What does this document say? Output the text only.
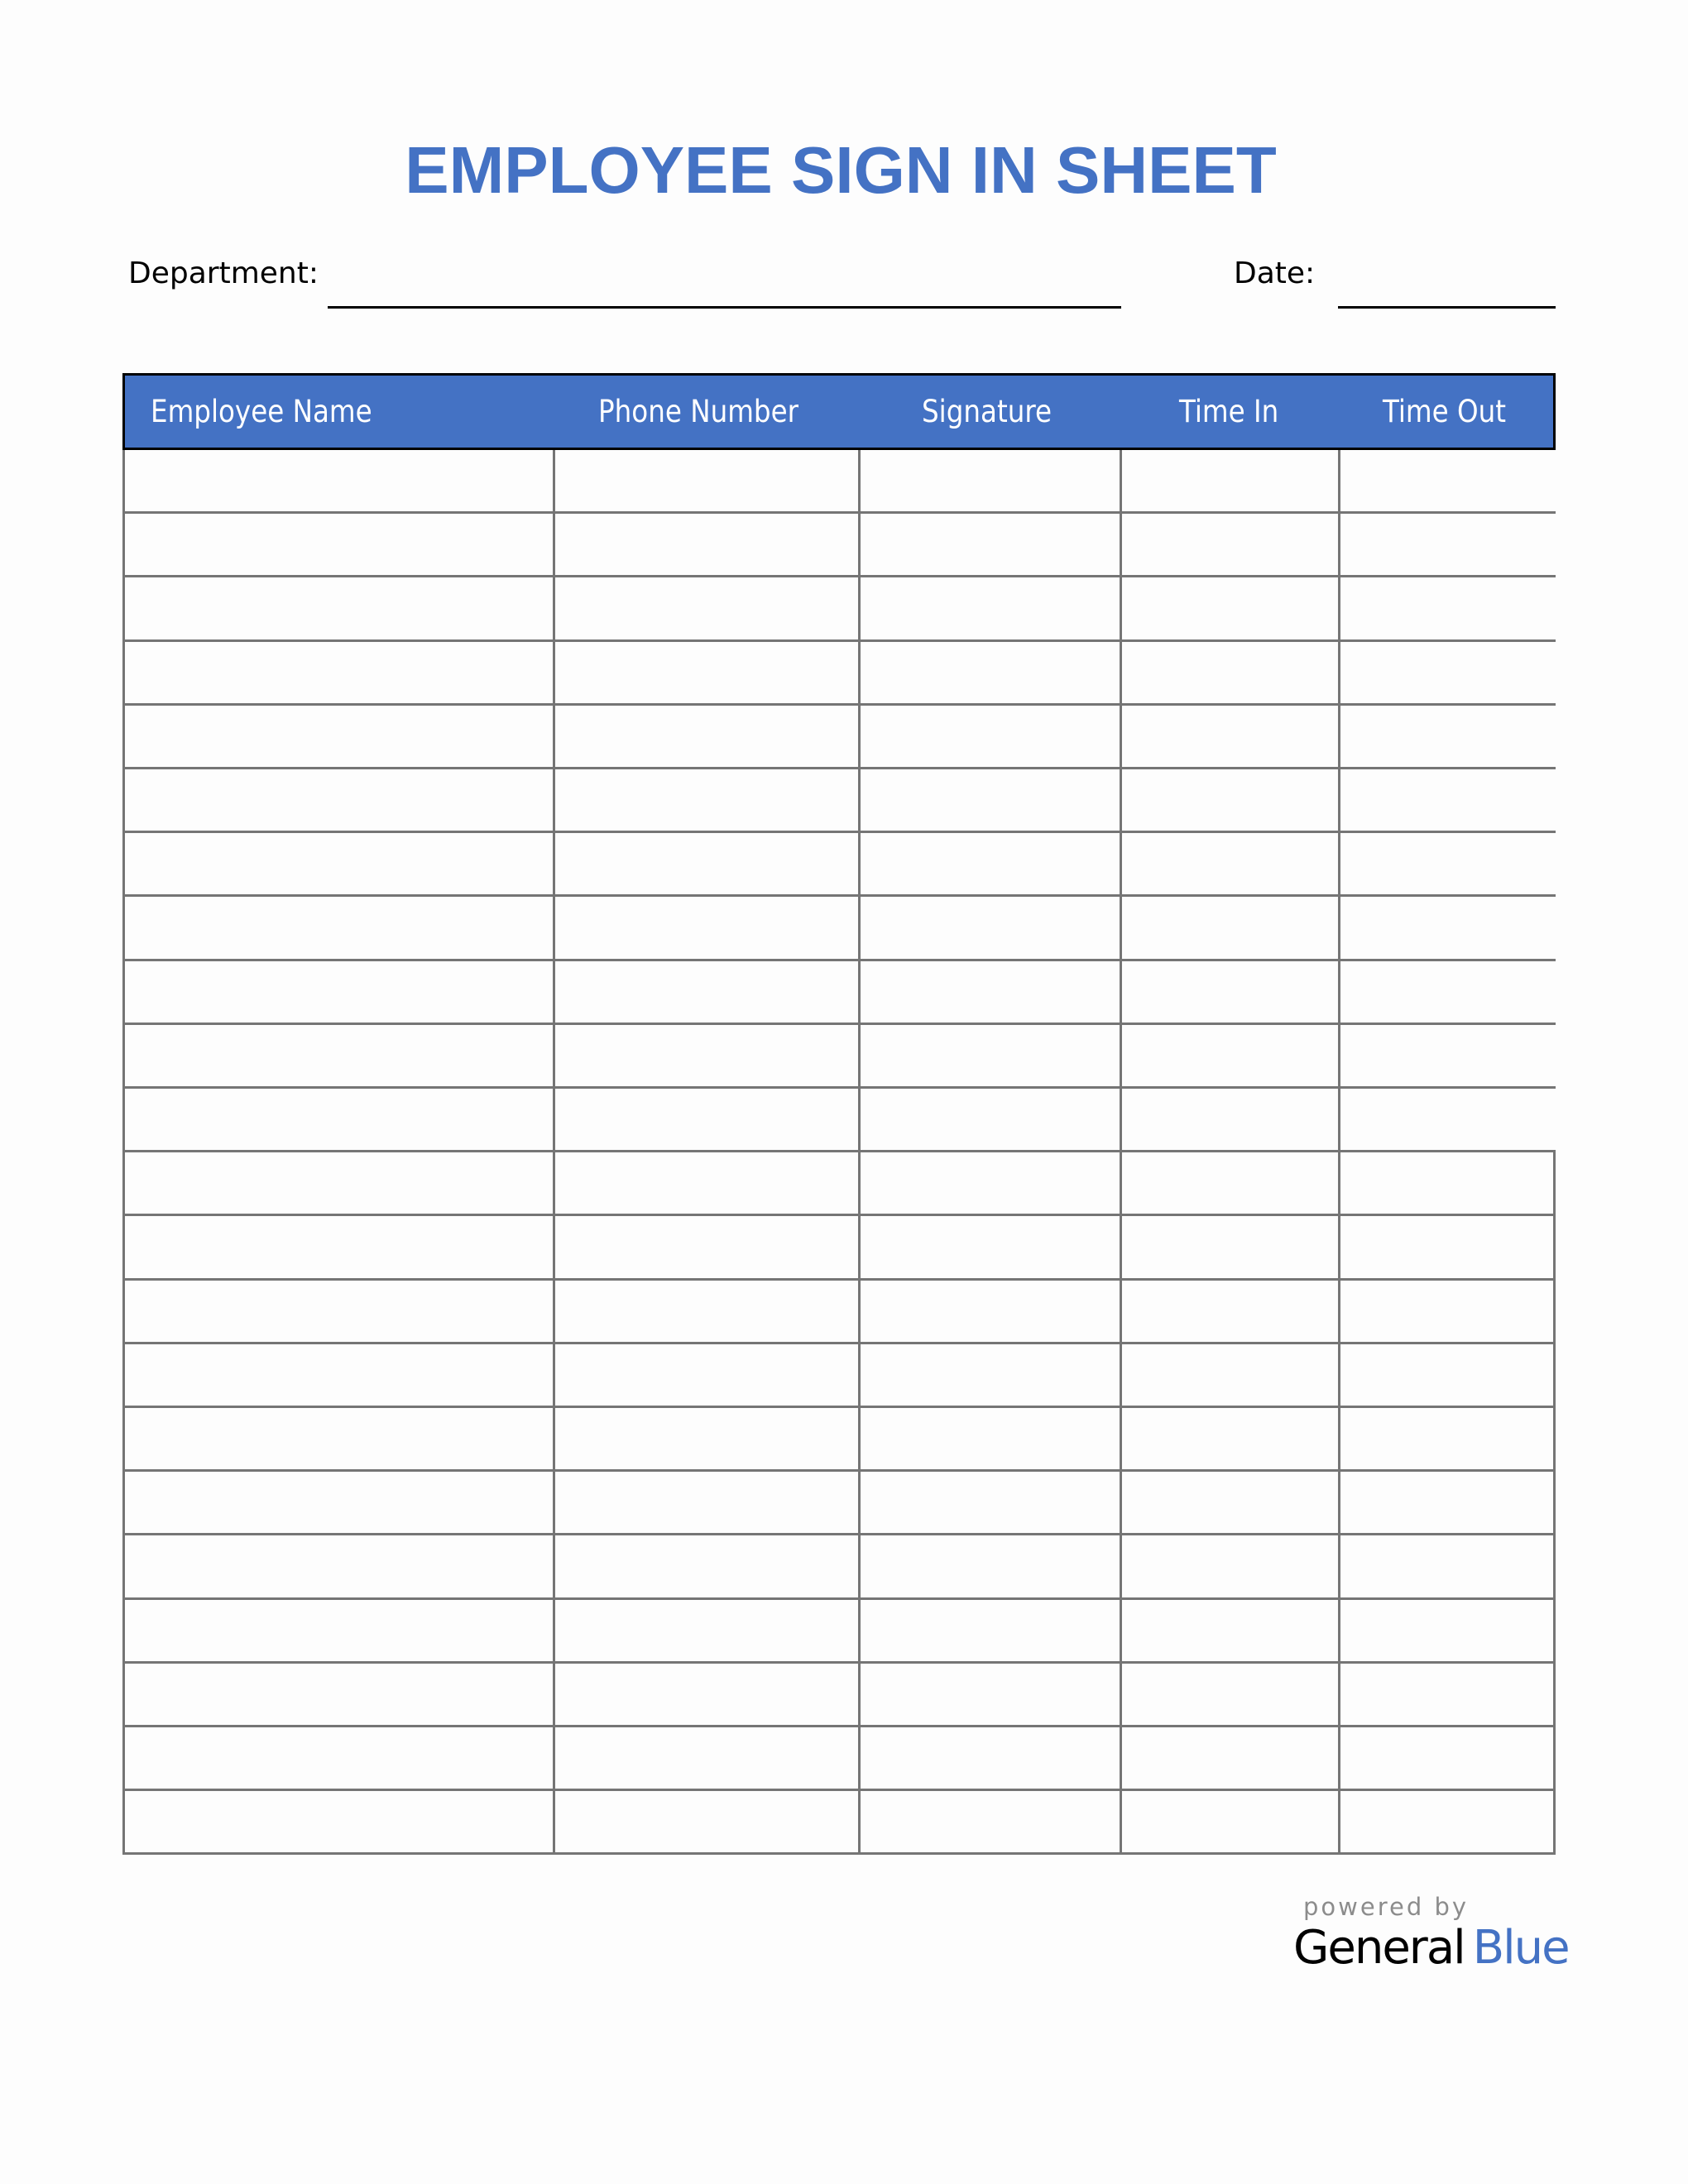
EMPLOYEE SIGN IN SHEET
Department:	Date:
Employee Name	Phone Number	Signature	Time In	Time Out
powered by
General Blue
